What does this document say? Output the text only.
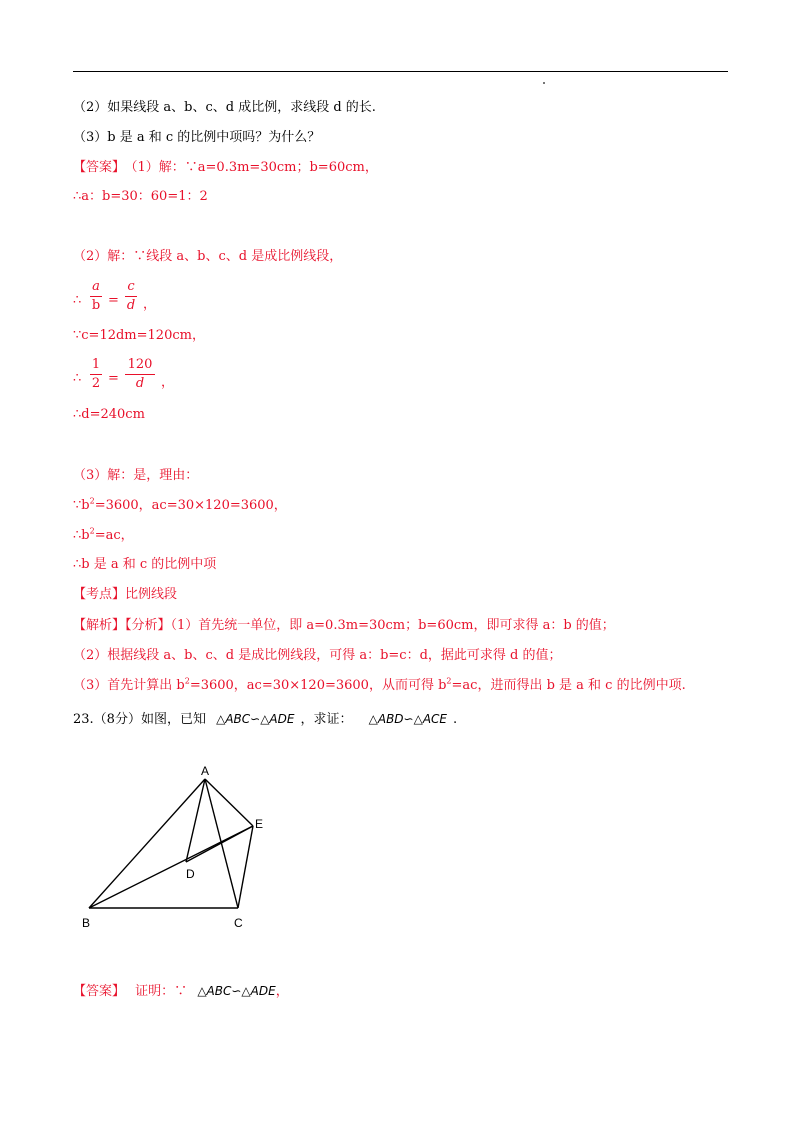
（2）如果线段 a、b、c、d 成比例，求线段 d 的长.
（3）b 是 a 和 c 的比例中项吗？为什么？
【答案】 （1）解：∵a=0.3m=30cm；b=60cm，
∴a：b=30：60=1：2
（2）解：∵线段 a、b、c、d 是成比例线段，
∴
a
b =
c
d ，
∵c=12dm=120cm，
∴
1
2 =
120
d	，
∴d=240cm
（3）解：是，理由：
$\because b^2=3600$，ac=30×120=3600，
$\therefore b^2=ac$，
∴b 是 a 和 c 的比例中项
【考点】比例线段
【解析】【分析】（1）首先统一单位，即 a=0.3m=30cm；b=60cm，即可求得 a：b 的值；
（2）根据线段 a、b、c、d 是成比例线段，可得 a：b=c：d，据此可求得 d 的值；
（3）首先计算出 $b^2=3600$，ac=30×120=3600，从而可得 $b^2=ac$，进而得出 b 是 a 和 c 的比例中项.
23.（8分）如图，已知 △ABC∽△ADE ，求证： △ABD∽△ACE .
A
B	C
D
E
【答案】 证明：∵ △ABC∽△ADE，
